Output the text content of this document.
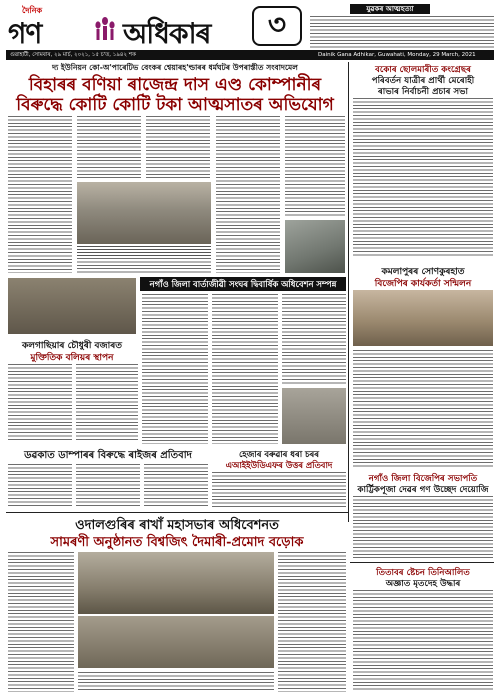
দৈনিক
গণ	অধিকাৰ	৩	যুৱকৰ আত্মহত্যা
গুৱাহাটী, সোমবাৰ, ২৯ মাৰ্চ, ২০২১, ১৫ চ'ত, ১৯৪২ শক	Dainik Gana Adhikar, Guwahati, Monday, 29 March, 2021
দ্য ইউনিয়ন কো-অ'পাৰেটিভ বেংকৰ শ্বেয়াৰহ'ল্ডাৰৰ ধৰ্মঘটৰ উপৰাস্তীত সংবাদমেল
বিহাৰৰ বণিয়া ৰাজেন্দ্ৰ দাস এণ্ড কোম্পানীৰ
বিৰুদ্ধে কোটি কোটি টকা আত্মসাতৰ অভিযোগ
বকোৰ ছোলমাৰীত কংগ্ৰেছৰ
পৰিবৰ্তন যাত্ৰীৰ প্ৰাৰ্থী মেৰোহী
ৰাভাৰ নিৰ্বাচনী প্ৰচাৰ সভা
কমলাপুৰৰ সোণকুৰহাত
বিজেপিৰ কাৰ্যকৰ্তা সন্মিলন
নগাঁও জিলা বিজেপিৰ সভাপতি
কাৰ্ট্টিকপূজা দেৱৰ গণ উচ্ছেদ দেয়োজি
তিতাবৰ ষ্টেচন তিনিআলিত
অজ্ঞাত মৃতদেহ উদ্ধাৰ
কলগাছিয়াৰ চৌধুৰী বজাৰত
মুক্তিতিক বলিয়ৰ স্থাপন
নগাঁও জিলা বাৰ্তাজীৱী সংঘৰ দ্বিবাৰ্ষিক অধিবেশন সম্পন্ন
হেজাৰ বৰুৱাৰ ধৰা চৰৰ
এআইইউডিএফৰ উত্তৰ প্ৰতিবাদ
ডৱকাত ডাম্পাৰৰ বিৰুদ্ধে ৰাইজৰ প্ৰতিবাদ
ওদালগুৰিৰ ৰাখাঁ মহাসভাৰ অধিবেশনত
সামৰণী অনুষ্ঠানত বিশ্বজিৎ দৈমাৰী-প্ৰমোদ বড়োক
